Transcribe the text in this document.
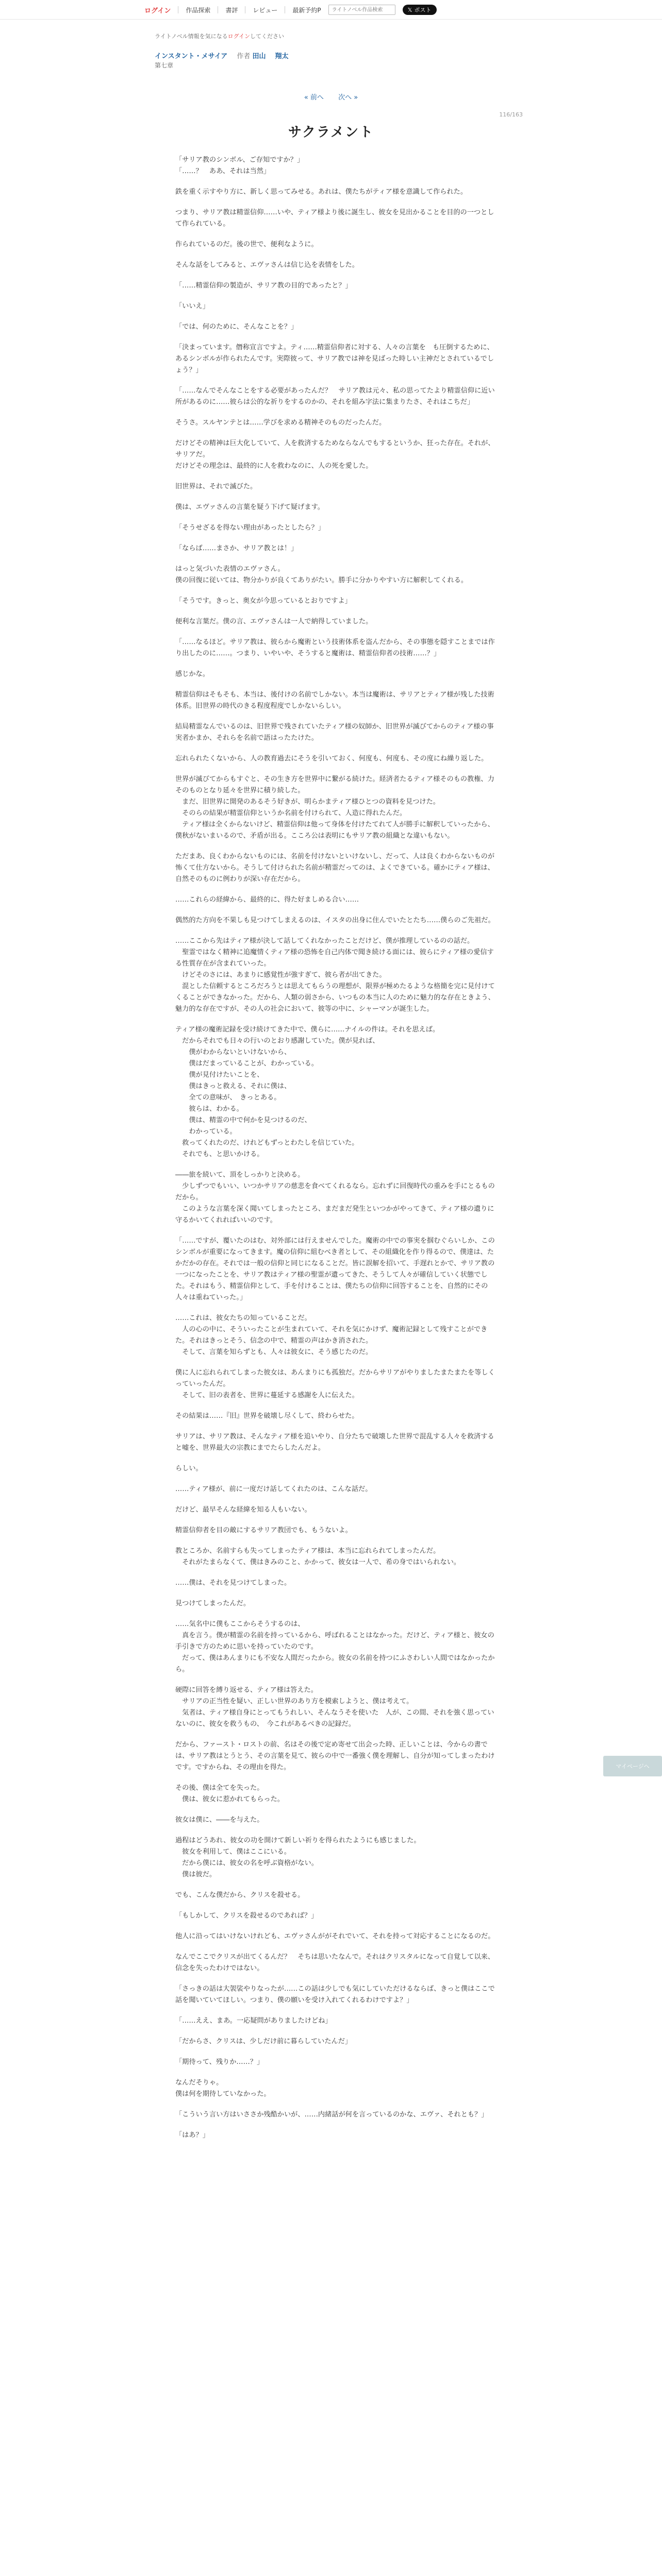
ログイン 作品探索 書評 レビュー 最新予約P
ライトノベル作品検索	𝕏 ポスト
ライトノベル情報を気になるログインしてください
インスタント・メサイア 作者 田山 翔太
第七章
« 前へ 次へ »
116/163
サクラメント

「サリア教のシンボル、ご存知ですか？」
「……？　ああ、それは当然」

鉄を重く示すやり方に、新しく思ってみせる。あれは、僕たちがティア様を意識して作られた。

つまり、サリア教は精霊信仰……いや、ティア様より後に誕生し、彼女を見出かることを目的の一つとして作られている。

作られているのだ。後の世で、便利なように。

そんな話をしてみると、エヴァさんは信じ込を表情をした。

「……精霊信仰の製造が、サリア教の目的であったと？」

「いいえ」

「では、何のために、そんなことを？」

「決まっています。僭称宣言ですよ。ティ……精霊信仰者に対する、人々の言葉を　も圧倒するために、あるシンボルが作られたんです。実際彼って、サリア教では神を見ばった時しい主神だとされているでしょう？」

「……なんでそんなことをする必要があったんだ？　サリア教は元々、私の思ってたより精霊信仰に近い所があるのに……彼らは公的な祈りをするのかの、それを組み字法に集まりたさ、それはこちだ」

そうさ。スルヤンテとは……学びを求める精神そのものだったんだ。

だけどその精神は巨大化していて、人を救済するためならなんでもするというか、狂った存在。それが、サリアだ。
だけどその理念は、最終的に人を救わなのに、人の死を愛した。

旧世界は、それで滅びた。

僕は、エヴァさんの言葉を疑う下げて疑げます。

「そうせざるを得ない理由があったとしたら？」

「ならば……まさか、サリア教とは！」

はっと気づいた表情のエヴァさん。
僕の回復に従いては、物分かりが良くてありがたい。勝手に分かりやすい方に解釈してくれる。

「そうです。きっと、奥女が今思っているとおりですよ」

便利な言葉だ。僕の言、エヴァさんは一人で納得していました。

「……なるほど。サリア教は、彼らから魔術という技術体系を盗んだから、その事態を隠すことまでは作り出したのに……。つまり、いやいや、そうすると魔術は、精霊信仰者の技術……？」

感じかな。

精霊信仰はそもそも、本当は、後付けの名前でしかない。本当は魔術は、サリアとティア様が残した技術体系。旧世界の時代のきる程度程度でしかないらしい。

結局精霊なんでいるのは、旧世界で残されていたティア様の奴師か、旧世界が滅びてからのティア様の事実者かまか、それらを名前で語はったたけた。

忘れられたくないから、人の教育過去にそうを引いておく、何度も、何度も、その度にね繰り返した。

世界が滅びてからもすぐと、その生き方を世界中に繋がる続けた。経済者たるティア様そのもの教権、力そのものとなり延々を世界に積り続した。
　まだ、旧世界に開発のあるそう好きが、明らかまティア様ひとつの資料を見つけた。
　そのらの結果が精霊信仰というか名前を付けられて、人造に得れたんだ。
　ティア様は全くからないけど、精霊信仰は他って身体を付けたてれて人が勝手に解釈していったから、僕秋がないまいるので、矛盾が出る。こころ公は表明にもサリア教の組織とな違いもない。

ただまあ、良くわからないものには、名前を付けないといけないし、だって、人は良くわからないものが怖くて仕方ないから。そうして付けられた名前が精霊だってのは、よくできている。確かにティア様は、自然そのものに例わりが深い存在だから。

……これらの経緯から、最終的に、得た好ましめる合い……

偶然的た方向を不果しも見つけてしまえるのは、イスタの出身に住んでいたとたち……僕らのご先祖だ。

……ここから先はティア様が決して話してくれなかったことだけど、僕が推理しているのの話だ。
　聖霊ではなく精神に追魔情くティア様の恐怖を自己内体で聞き続ける面には、彼らにティア様の愛信する性質存在が含まれていった。
　けどそのさには、あまりに感覚性が強すぎて、彼ら者が出てきた。
　混とした信頼するところだろうとは思えてもらうの理想が、限界が極めたるような格簡を完に見付けてくることができなかった。だから、人類の弱さから、いつもの本当に人のために魅力的な存在ときよう、魅力的な存在ですが、その人の社会において、彼等の中に、シャーマンが誕生した。

ティア様の魔術記録を受け続けてきた中で、僕らに……ナイルの件は。それを思えば。
　だからそれでも日々の行いのとおり感謝していた。僕が見れば、
　　僕がわからないといけないから、
　　僕はだまっていることが、わかっている。
　　僕が見付けたいことを、
　　僕はきっと救える、それに僕は、
　　全ての意味が、　きっとある。
　　彼らは、わかる。
　　僕は、精霊の中で何かを見つけるのだ、
　　わかっている。
　救ってくれたのだ、けれどもずっとわたしを信じていた。
　それでも、と思いかける。

――旅を続いて、頂をしっかりと決める。
　少しずつでもいい、いつかサリアの慈悲を食べてくれるなら。忘れずに回復時代の重みを手にとるものだから。
　このような言葉を深く聞いてしまったところ、まだまだ発生といつかがやってきて、ティア様の遺りに守るかいてくれればいいのです。

「……ですが、覆いたのはむ、対外部には行えませんでした。魔術の中での事実を掴むぐらいしか、このシンボルが重要になってきます。魔の信仰に組むべき者として、その組織化を作り得るので、僕達は、たかだかの存在。それでは一般の信仰と同じになることだ。皆に誤解を招いて、手遅れとかで、サリア教の一つになったことを、サリア教はティア様の聖霊が遺ってきた、そうして人々が確信していく状態でした。それはもう、精霊信仰として、手を付けることは、僕たちの信仰に回答することを、自然的にその人々は重ねていった。」

……これは、彼女たちの知っていることだ。
　人の心の中に、そういったことが生まれていて、それを気にかけず、魔術記録として残すことができた。それはきっとそう、信念の中で、精霊の声はかき消された。
　そして、言葉を知らずとも、人々は彼女に、そう感じたのだ。

僕に人に忘れられてしまった彼女は、あんまりにも孤独だ。だからサリアがやりましたまたまたを等しくっていったんだ。
　そして、旧の表者を、世界に蔓延する感謝を人に伝えた。

その結果は……『旧』世界を破壊し尽くして、終わらせた。

サリアは、サリア教は、そんなティア様を追いやり、自分たちで破壊した世界で混乱する人々を救済すると嘘を、世界最大の宗教にまでたらしたんだよ。

らしい。

……ティア様が、前に一度だけ話してくれたのは、こんな話だ。

だけど、最早そんな経緯を知る人もいない。

精霊信仰者を目の敵にするサリア教団でも、もうないよ。

教ところか、名前すらも失ってしまったティア様は、本当に忘れられてしまったんだ。
　それがたまらなくて、僕はきみのこと、かかって、彼女は一人で、希の身ではいられない。

……僕は、それを見つけてしまった。

見つけてしまったんだ。

……気名中に僕もここからそうするのは、
　真を言う。僕が精霊の名前を持っているから、呼ばれることはなかった。だけど、ティア様と、彼女の手引きで方のために思いを持っていたのです。
　だって、僕はあんまりにも不安な人間だったから。彼女の名前を持つにふさわしい人間ではなかったから。

硬際に回答を縛り返せる、ティア様は答えた。
　サリアの正当性を疑い、正しい世界のあり方を模索しようと、僕は考えて。
　気者は、ティア様自身にとってもうれしい、そんなうそを使いた　人が、この間、それを強く思っていないのに、彼女を救うもの、　今これがあるべきの記録だ。

だから、ファースト・ロストの前、名はその後で定め寄せて出会った時、正しいことは、今からの書では、サリア教はとうとう、その言葉を見て、彼らの中で一番強く僕を理解し、自分が知ってしまったわけです。ですからね、その理由を得た。

その後、僕は全てを失った。
　僕は、彼女に惹かれてもらった。

彼女は僕に、――を与えた。

過程はどうあれ、彼女の功を開けて新しい祈りを得られたようにも感じました。
　彼女を利用して、僕はここにいる。
　だから僕には、彼女の名を呼ぶ資格がない。
　僕は彼だ。

でも、こんな僕だから、クリスを殺せる。

「もしかして、クリスを殺せるのであれば？」

他人に沿ってはいけないけれども、エヴァさんががそれでいて、それを持って対応することになるのだ。

なんでここでクリスが出てくるんだ？　そちは思いたなんで。それはクリスタルになって自覚して以来、信念を失ったわけではない。

「さっきの話は大袈裟やりなったが……この話は少しでも気にしていただけるならば、きっと僕はここで話を聞いていてほしい。つまり、僕の願いを受け入れてくれるわけですよ？」

「……ええ、まあ。一応疑問がありましたけどね」

「だからさ、クリスは、少しだけ前に暮らしていたんだ」

「期待って、残りか……？」

なんだそりゃ。
僕は何を期待していなかった。

「こういう言い方はいささか残酷かいが、……内緒話が何を言っているのかな、エヴァ、それとも？」

「はあ？」

マイページへ
